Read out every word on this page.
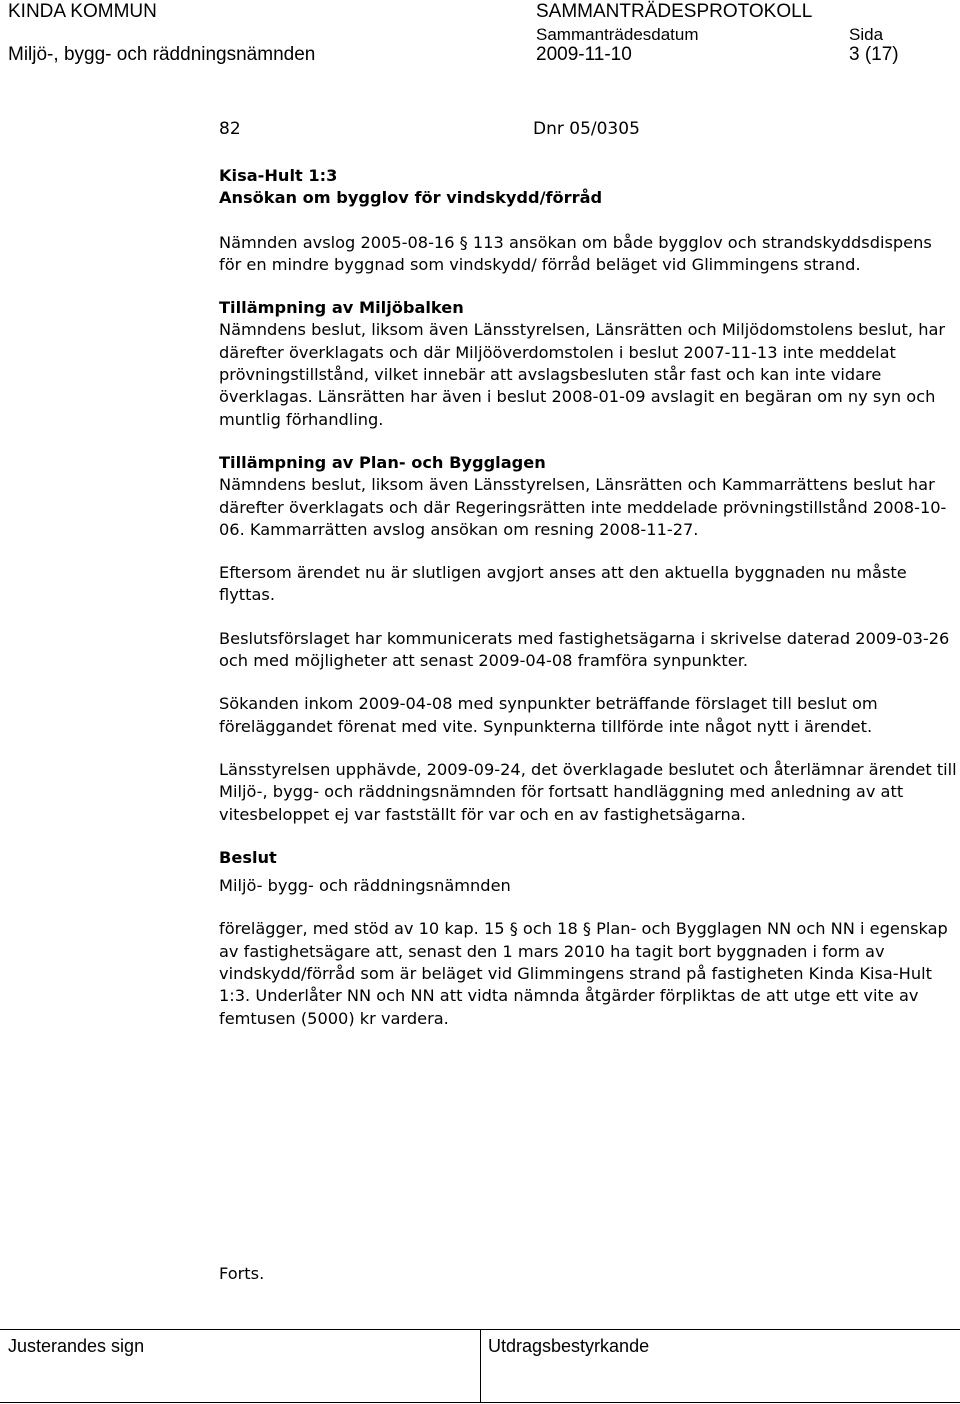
KINDA KOMMUN
Miljö-, bygg- och räddningsnämnden
SAMMANTRÄDESPROTOKOLL
Sammanträdesdatum
2009-11-10
Sida
3 (17)
82	Dnr 05/0305

Kisa-Hult 1:3

Ansökan om bygglov för vindskydd/förråd

Nämnden avslog 2005-08-16 § 113 ansökan om både bygglov och strandskyddsdispens för en mindre byggnad som vindskydd/ förråd beläget vid Glimmingens strand.

Tillämpning av Miljöbalken

Nämndens beslut, liksom även Länsstyrelsen, Länsrätten och Miljödomstolens beslut, har därefter överklagats och där Miljööverdomstolen i beslut 2007-11-13 inte meddelat prövningstillstånd, vilket innebär att avslagsbesluten står fast och kan inte vidare överklagas. Länsrätten har även i beslut 2008-01-09 avslagit en begäran om ny syn och muntlig förhandling.

Tillämpning av Plan- och Bygglagen

Nämndens beslut, liksom även Länsstyrelsen, Länsrätten och Kammarrättens beslut har därefter överklagats och där Regeringsrätten inte meddelade prövningstillstånd 2008-10-06. Kammarrätten avslog ansökan om resning 2008-11-27.

Eftersom ärendet nu är slutligen avgjort anses att den aktuella byggnaden nu måste flyttas.

Beslutsförslaget har kommunicerats med fastighetsägarna i skrivelse daterad 2009-03-26 och med möjligheter att senast 2009-04-08 framföra synpunkter.

Sökanden inkom 2009-04-08 med synpunkter beträffande förslaget till beslut om föreläggandet förenat med vite. Synpunkterna tillförde inte något nytt i ärendet.

Länsstyrelsen upphävde, 2009-09-24, det överklagade beslutet och återlämnar ärendet till Miljö-, bygg- och räddningsnämnden för fortsatt handläggning med anledning av att vitesbeloppet ej var fastställt för var och en av fastighetsägarna.

Beslut

Miljö- bygg- och räddningsnämnden

förelägger, med stöd av 10 kap. 15 § och 18 § Plan- och Bygglagen NN och NN i egenskap av fastighetsägare att, senast den 1 mars 2010 ha tagit bort byggnaden i form av vindskydd/förråd som är beläget vid Glimmingens strand på fastigheten Kinda Kisa-Hult 1:3. Underlåter NN och NN att vidta nämnda åtgärder förpliktas de att utge ett vite av femtusen (5000) kr vardera.

Forts.
Justerandes sign	Utdragsbestyrkande
